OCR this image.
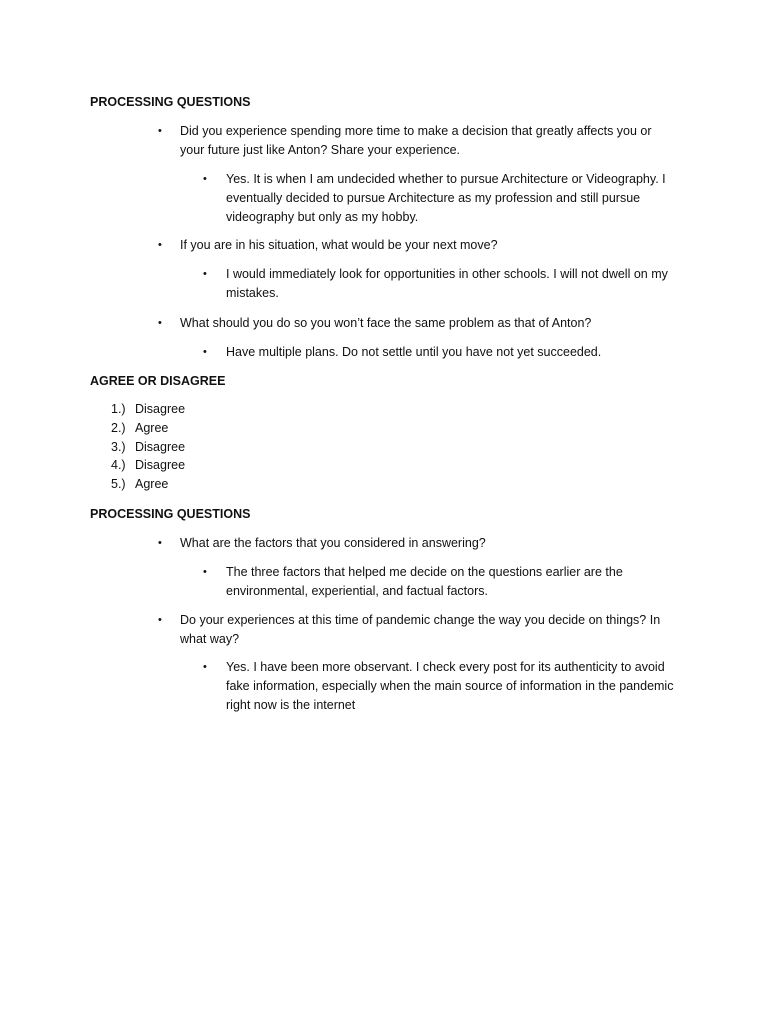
PROCESSING QUESTIONS
•	Did you experience spending more time to make a decision that greatly affects you or your future just like Anton? Share your experience.
•	Yes. It is when I am undecided whether to pursue Architecture or Videography. I eventually decided to pursue Architecture as my profession and still pursue videography but only as my hobby.
•	If you are in his situation, what would be your next move?
•	I would immediately look for opportunities in other schools. I will not dwell on my mistakes.
•	What should you do so you won’t face the same problem as that of Anton?
•	Have multiple plans. Do not settle until you have not yet succeeded.
AGREE OR DISAGREE
1.) Disagree
2.) Agree
3.) Disagree
4.) Disagree
5.) Agree
PROCESSING QUESTIONS
•	What are the factors that you considered in answering?
•	The three factors that helped me decide on the questions earlier are the environmental, experiential, and factual factors.
•	Do your experiences at this time of pandemic change the way you decide on things? In what way?
•	Yes. I have been more observant. I check every post for its authenticity to avoid fake information, especially when the main source of information in the pandemic right now is the internet
